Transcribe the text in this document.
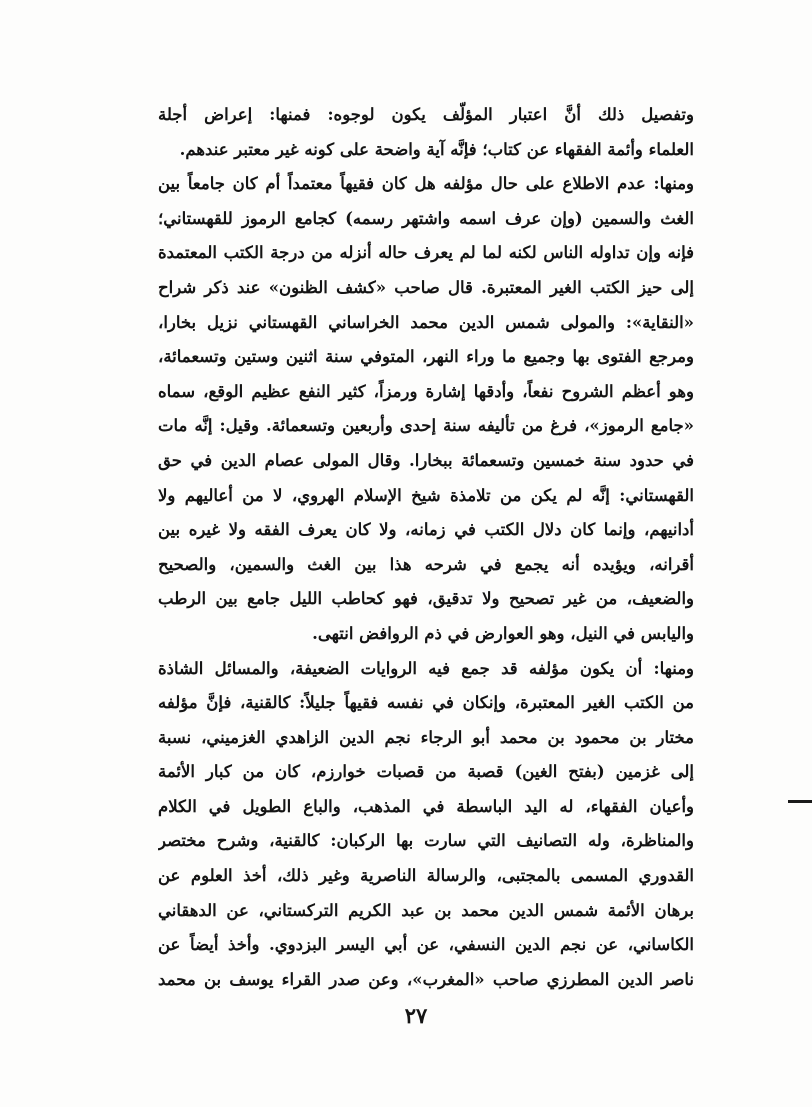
وتفصيل ذلك أنَّ اعتبار المؤلّف يكون لوجوه: فمنها: إعراض أجلة
العلماء وأئمة الفقهاء عن كتاب؛ فإنَّه آية واضحة على كونه غير معتبر عندهم.
ومنها: عدم الاطلاع على حال مؤلفه هل كان فقيهاً معتمداً أم كان جامعاً بين
الغث والسمين (وإن عرف اسمه واشتهر رسمه) كجامع الرموز للقهستاني؛
فإنه وإن تداوله الناس لكنه لما لم يعرف حاله أنزله من درجة الكتب المعتمدة
إلى حيز الكتب الغير المعتبرة. قال صاحب «كشف الظنون» عند ذكر شراح
«النقاية»: والمولى شمس الدين محمد الخراساني القهستاني نزيل بخارا،
ومرجع الفتوى بها وجميع ما وراء النهر، المتوفي سنة اثنين وستين وتسعمائة،
وهو أعظم الشروح نفعاً، وأدقها إشارة ورمزاً، كثير النفع عظيم الوقع، سماه
«جامع الرموز»، فرغ من تأليفه سنة إحدى وأربعين وتسعمائة. وقيل: إنَّه مات
في حدود سنة خمسين وتسعمائة ببخارا. وقال المولى عصام الدين في حق
القهستاني: إنَّه لم يكن من تلامذة شيخ الإسلام الهروي، لا من أعاليهم ولا
أدانيهم، وإنما كان دلال الكتب في زمانه، ولا كان يعرف الفقه ولا غيره بين
أقرانه، ويؤيده أنه يجمع في شرحه هذا بين الغث والسمين، والصحيح
والضعيف، من غير تصحيح ولا تدقيق، فهو كحاطب الليل جامع بين الرطب
واليابس في النيل، وهو العوارض في ذم الروافض انتهى.
ومنها: أن يكون مؤلفه قد جمع فيه الروايات الضعيفة، والمسائل الشاذة
من الكتب الغير المعتبرة، وإنكان في نفسه فقيهاً جليلاً: كالقنية، فإنَّ مؤلفه
مختار بن محمود بن محمد أبو الرجاء نجم الدين الزاهدي الغزميني، نسبة
إلى غزمين (بفتح الغين) قصبة من قصبات خوارزم، كان من كبار الأئمة
وأعيان الفقهاء، له اليد الباسطة في المذهب، والباع الطويل في الكلام
والمناظرة، وله التصانيف التي سارت بها الركبان: كالقنية، وشرح مختصر
القدوري المسمى بالمجتبى، والرسالة الناصرية وغير ذلك، أخذ العلوم عن
برهان الأئمة شمس الدين محمد بن عبد الكريم التركستاني، عن الدهقاني
الكاساني، عن نجم الدين النسفي، عن أبي اليسر البزدوي. وأخذ أيضاً عن
ناصر الدين المطرزي صاحب «المغرب»، وعن صدر القراء يوسف بن محمد
٢٧
